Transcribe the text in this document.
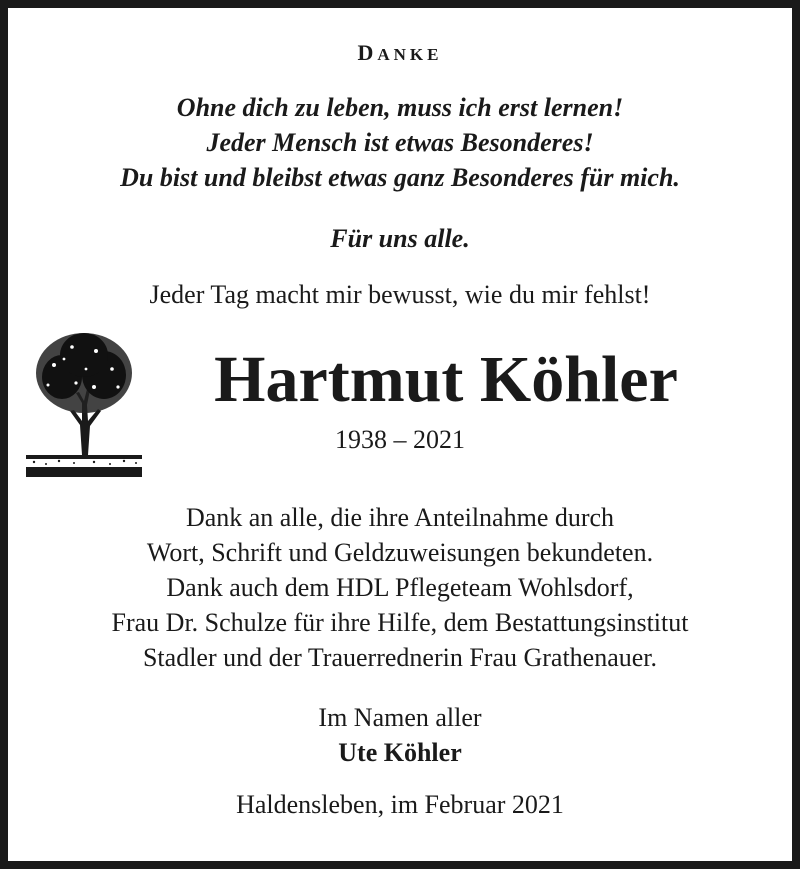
DANKE
Ohne dich zu leben, muss ich erst lernen!
Jeder Mensch ist etwas Besonderes!
Du bist und bleibst etwas ganz Besonderes für mich.
Für uns alle.
Jeder Tag macht mir bewusst, wie du mir fehlst!
Hartmut Köhler
1938 – 2021
Dank an alle, die ihre Anteilnahme durch
Wort, Schrift und Geldzuweisungen bekundeten.
Dank auch dem HDL Pflegeteam Wohlsdorf,
Frau Dr. Schulze für ihre Hilfe, dem Bestattungsinstitut
Stadler und der Trauerrednerin Frau Grathenauer.
Im Namen aller
Ute Köhler
Haldensleben, im Februar 2021
